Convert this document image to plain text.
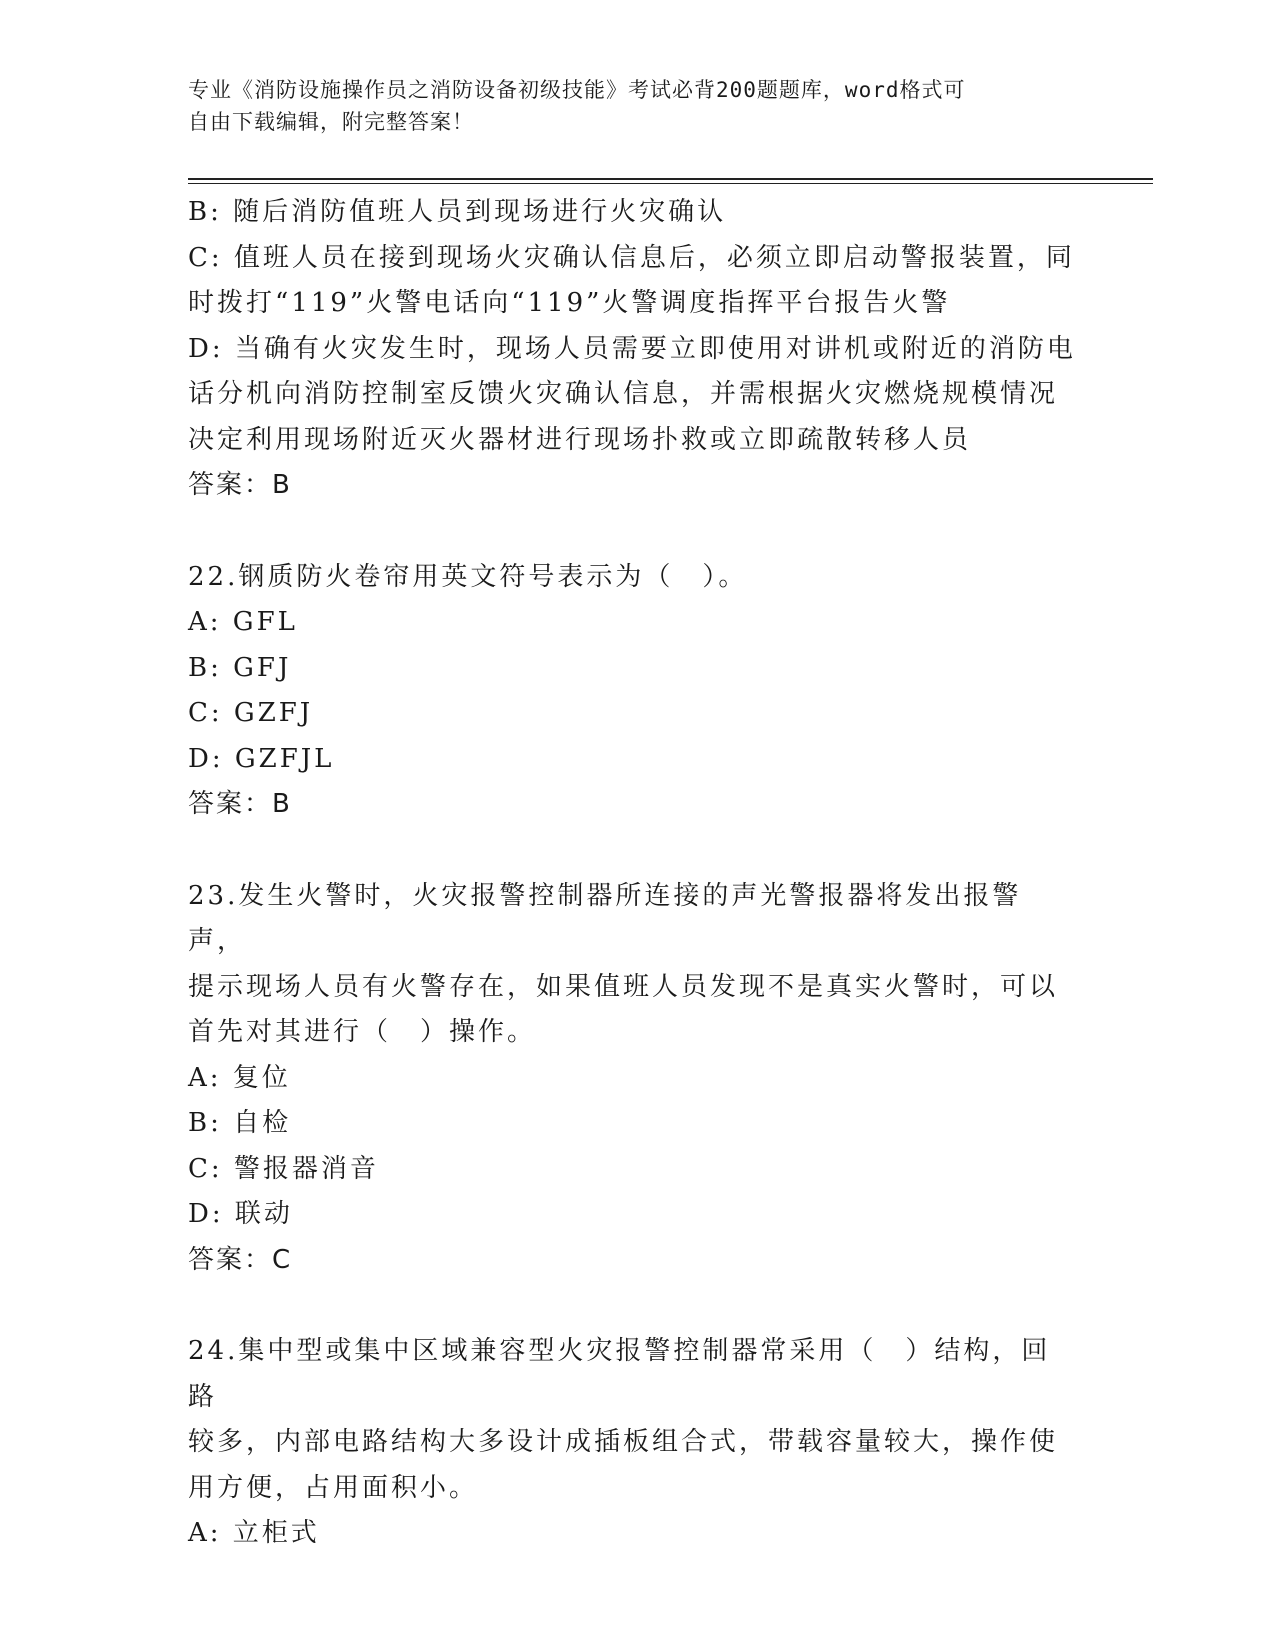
专业《消防设施操作员之消防设备初级技能》考试必背200题题库，word格式可
自由下载编辑，附完整答案！
B: 随后消防值班人员到现场进行火灾确认
C: 值班人员在接到现场火灾确认信息后，必须立即启动警报装置，同
时拨打“119”火警电话向“119”火警调度指挥平台报告火警
D: 当确有火灾发生时，现场人员需要立即使用对讲机或附近的消防电
话分机向消防控制室反馈火灾确认信息，并需根据火灾燃烧规模情况
决定利用现场附近灭火器材进行现场扑救或立即疏散转移人员
答案：B
22.钢质防火卷帘用英文符号表示为（　）。
A: GFL
B: GFJ
C: GZFJ
D: GZFJL
答案：B
23.发生火警时，火灾报警控制器所连接的声光警报器将发出报警声，
提示现场人员有火警存在，如果值班人员发现不是真实火警时，可以
首先对其进行（　）操作。
A: 复位
B: 自检
C: 警报器消音
D: 联动
答案：C
24.集中型或集中区域兼容型火灾报警控制器常采用（　）结构，回路
较多，内部电路结构大多设计成插板组合式，带载容量较大，操作使
用方便，占用面积小。
A: 立柜式
